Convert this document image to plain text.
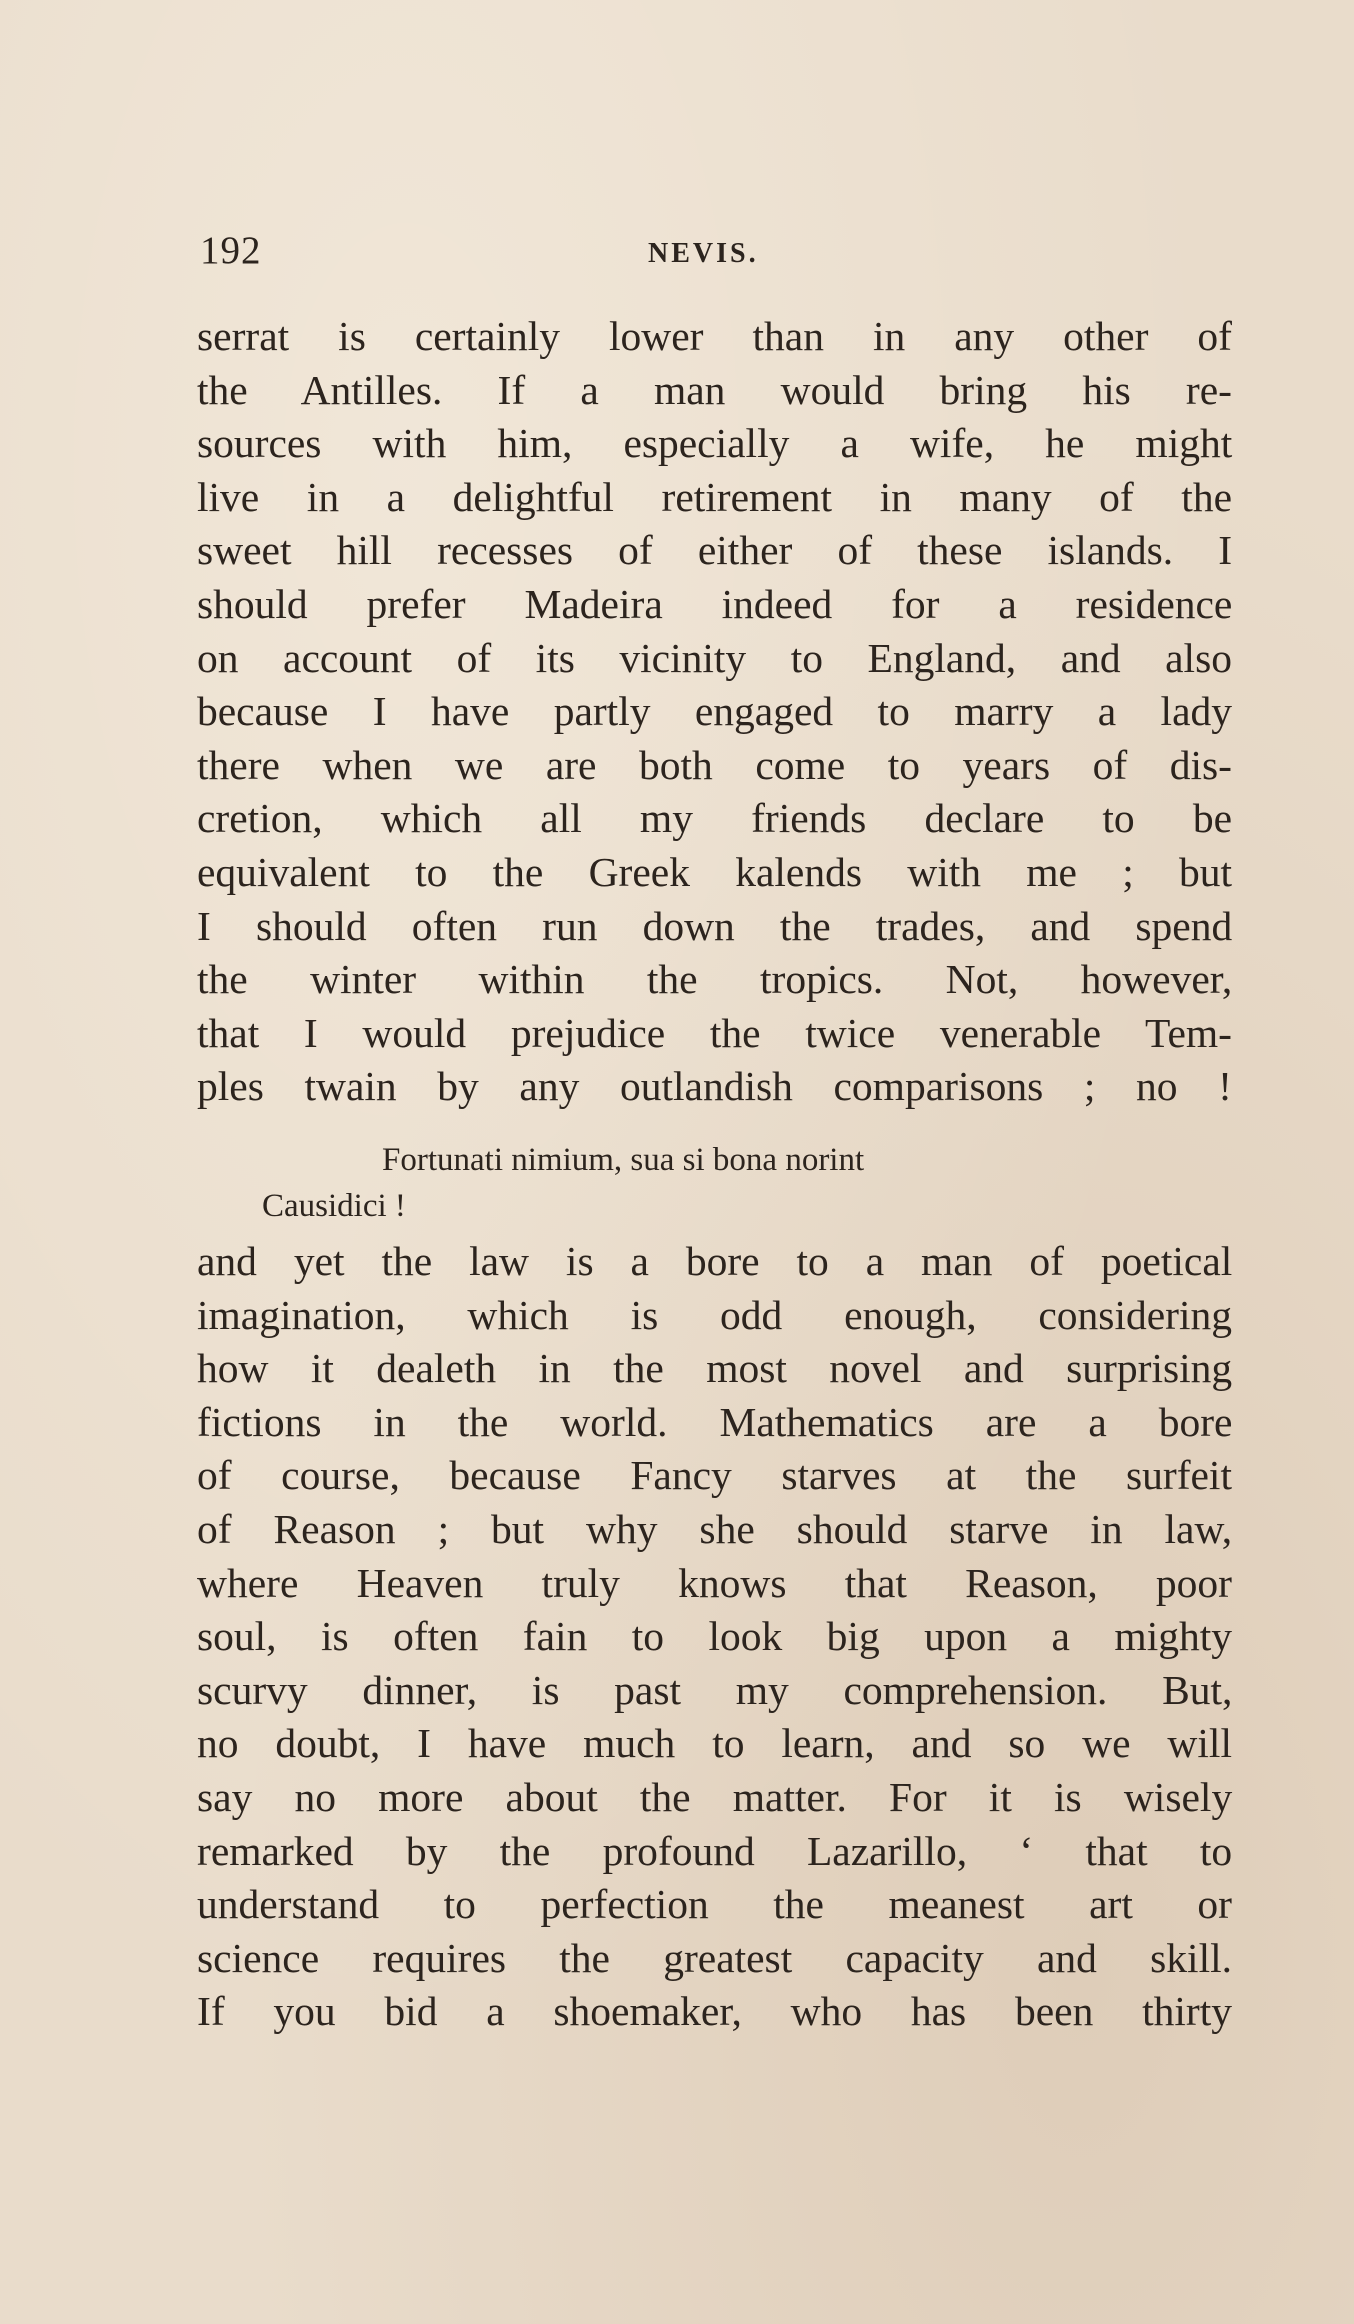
192	NEVIS.
serrat is certainly lower than in any other of
the Antilles. If a man would bring his re-
sources with him, especially a wife, he might
live in a delightful retirement in many of the
sweet hill recesses of either of these islands. I
should prefer Madeira indeed for a residence
on account of its vicinity to England, and also
because I have partly engaged to marry a lady
there when we are both come to years of dis-
cretion, which all my friends declare to be
equivalent to the Greek kalends with me ; but
I should often run down the trades, and spend
the winter within the tropics. Not, however,
that I would prejudice the twice venerable Tem-
ples twain by any outlandish comparisons ; no !
Fortunati nimium, sua si bona norint
Causidici !
and yet the law is a bore to a man of poetical
imagination, which is odd enough, considering
how it dealeth in the most novel and surprising
fictions in the world. Mathematics are a bore
of course, because Fancy starves at the surfeit
of Reason ; but why she should starve in law,
where Heaven truly knows that Reason, poor
soul, is often fain to look big upon a mighty
scurvy dinner, is past my comprehension. But,
no doubt, I have much to learn, and so we will
say no more about the matter. For it is wisely
remarked by the profound Lazarillo, ‘ that to
understand to perfection the meanest art or
science requires the greatest capacity and skill.
If you bid a shoemaker, who has been thirty
